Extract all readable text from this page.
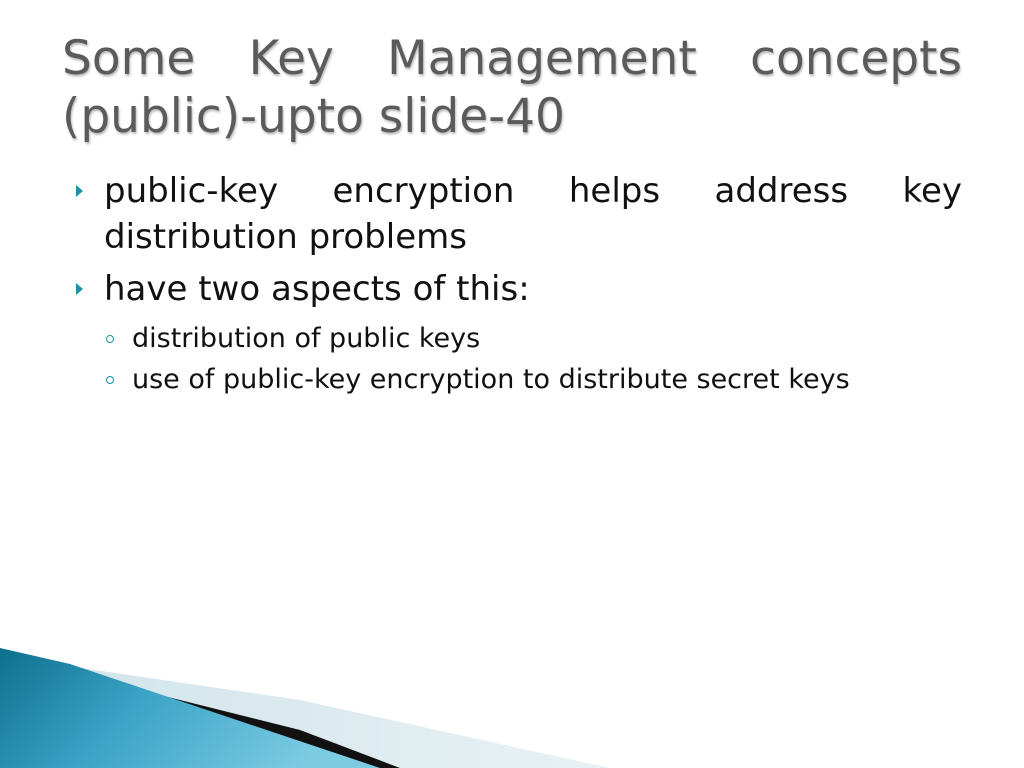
Some Key Management concepts (public)-upto slide-40
public-key encryption helps address key distribution problems
have two aspects of this:
distribution of public keys
use of public-key encryption to distribute secret keys
